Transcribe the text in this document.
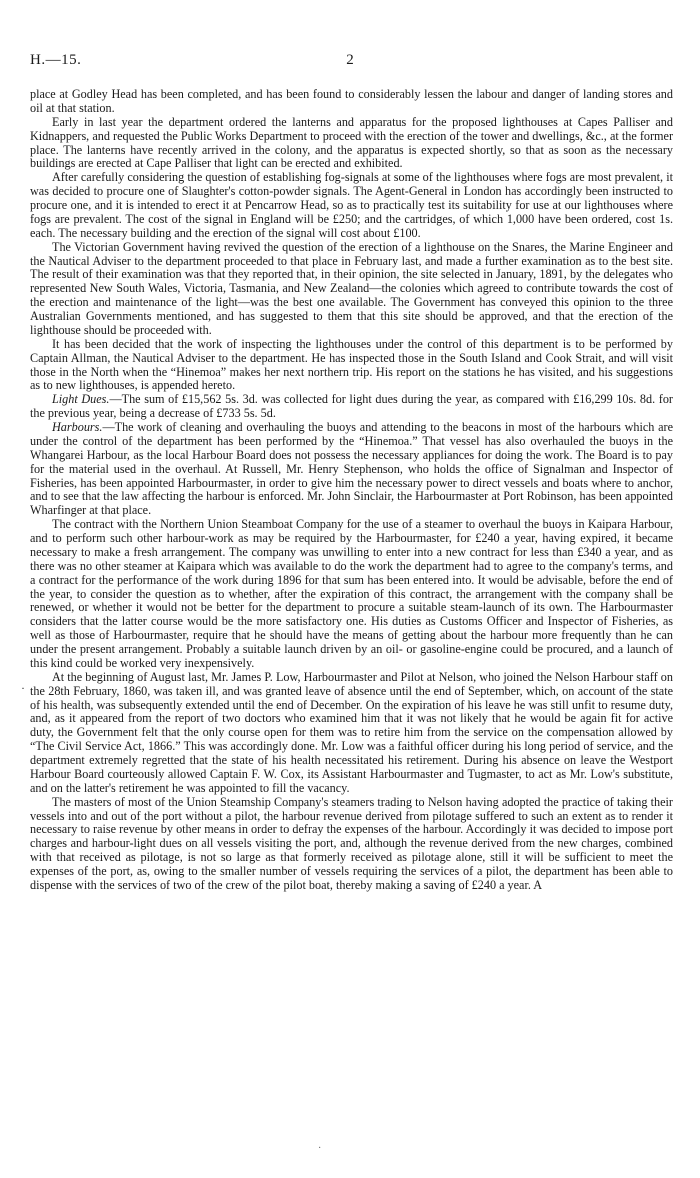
H.—15.	2

place at Godley Head has been completed, and has been found to considerably lessen the labour and danger of landing stores and oil at that station.

Early in last year the department ordered the lanterns and apparatus for the proposed lighthouses at Capes Palliser and Kidnappers, and requested the Public Works Department to proceed with the erection of the tower and dwellings, &c., at the former place. The lanterns have recently arrived in the colony, and the apparatus is expected shortly, so that as soon as the necessary buildings are erected at Cape Palliser that light can be erected and exhibited.

After carefully considering the question of establishing fog-signals at some of the lighthouses where fogs are most prevalent, it was decided to procure one of Slaughter's cotton-powder signals. The Agent-General in London has accordingly been instructed to procure one, and it is intended to erect it at Pencarrow Head, so as to practically test its suitability for use at our lighthouses where fogs are prevalent. The cost of the signal in England will be £250; and the cartridges, of which 1,000 have been ordered, cost 1s. each. The necessary building and the erection of the signal will cost about £100.

The Victorian Government having revived the question of the erection of a lighthouse on the Snares, the Marine Engineer and the Nautical Adviser to the department proceeded to that place in February last, and made a further examination as to the best site. The result of their examination was that they reported that, in their opinion, the site selected in January, 1891, by the delegates who represented New South Wales, Victoria, Tasmania, and New Zealand—the colonies which agreed to contribute towards the cost of the erection and maintenance of the light—was the best one available. The Government has conveyed this opinion to the three Australian Governments mentioned, and has suggested to them that this site should be approved, and that the erection of the lighthouse should be proceeded with.

It has been decided that the work of inspecting the lighthouses under the control of this department is to be performed by Captain Allman, the Nautical Adviser to the department. He has inspected those in the South Island and Cook Strait, and will visit those in the North when the “Hinemoa” makes her next northern trip. His report on the stations he has visited, and his suggestions as to new lighthouses, is appended hereto.

Light Dues.—The sum of £15,562 5s. 3d. was collected for light dues during the year, as compared with £16,299 10s. 8d. for the previous year, being a decrease of £733 5s. 5d.

Harbours.—The work of cleaning and overhauling the buoys and attending to the beacons in most of the harbours which are under the control of the department has been performed by the “Hinemoa.” That vessel has also overhauled the buoys in the Whangarei Harbour, as the local Harbour Board does not possess the necessary appliances for doing the work. The Board is to pay for the material used in the overhaul. At Russell, Mr. Henry Stephenson, who holds the office of Signalman and Inspector of Fisheries, has been appointed Harbourmaster, in order to give him the necessary power to direct vessels and boats where to anchor, and to see that the law affecting the harbour is enforced. Mr. John Sinclair, the Harbourmaster at Port Robinson, has been appointed Wharfinger at that place.

The contract with the Northern Union Steamboat Company for the use of a steamer to overhaul the buoys in Kaipara Harbour, and to perform such other harbour-work as may be required by the Harbourmaster, for £240 a year, having expired, it became necessary to make a fresh arrangement. The company was unwilling to enter into a new contract for less than £340 a year, and as there was no other steamer at Kaipara which was available to do the work the department had to agree to the company's terms, and a contract for the performance of the work during 1896 for that sum has been entered into. It would be advisable, before the end of the year, to consider the question as to whether, after the expiration of this contract, the arrangement with the company shall be renewed, or whether it would not be better for the department to procure a suitable steam-launch of its own. The Harbourmaster considers that the latter course would be the more satisfactory one. His duties as Customs Officer and Inspector of Fisheries, as well as those of Harbourmaster, require that he should have the means of getting about the harbour more frequently than he can under the present arrangement. Probably a suitable launch driven by an oil- or gasoline-engine could be procured, and a launch of this kind could be worked very inexpensively.

At the beginning of August last, Mr. James P. Low, Harbourmaster and Pilot at Nelson, who joined the Nelson Harbour staff on the 28th February, 1860, was taken ill, and was granted leave of absence until the end of September, which, on account of the state of his health, was subsequently extended until the end of December. On the expiration of his leave he was still unfit to resume duty, and, as it appeared from the report of two doctors who examined him that it was not likely that he would be again fit for active duty, the Government felt that the only course open for them was to retire him from the service on the compensation allowed by “The Civil Service Act, 1866.” This was accordingly done. Mr. Low was a faithful officer during his long period of service, and the department extremely regretted that the state of his health necessitated his retirement. During his absence on leave the Westport Harbour Board courteously allowed Captain F. W. Cox, its Assistant Harbourmaster and Tugmaster, to act as Mr. Low's substitute, and on the latter's retirement he was appointed to fill the vacancy.

The masters of most of the Union Steamship Company's steamers trading to Nelson having adopted the practice of taking their vessels into and out of the port without a pilot, the harbour revenue derived from pilotage suffered to such an extent as to render it necessary to raise revenue by other means in order to defray the expenses of the harbour. Accordingly it was decided to impose port charges and harbour-light dues on all vessels visiting the port, and, although the revenue derived from the new charges, combined with that received as pilotage, is not so large as that formerly received as pilotage alone, still it will be sufficient to meet the expenses of the port, as, owing to the smaller number of vessels requiring the services of a pilot, the department has been able to dispense with the services of two of the crew of the pilot boat, thereby making a saving of £240 a year. A

·
·
